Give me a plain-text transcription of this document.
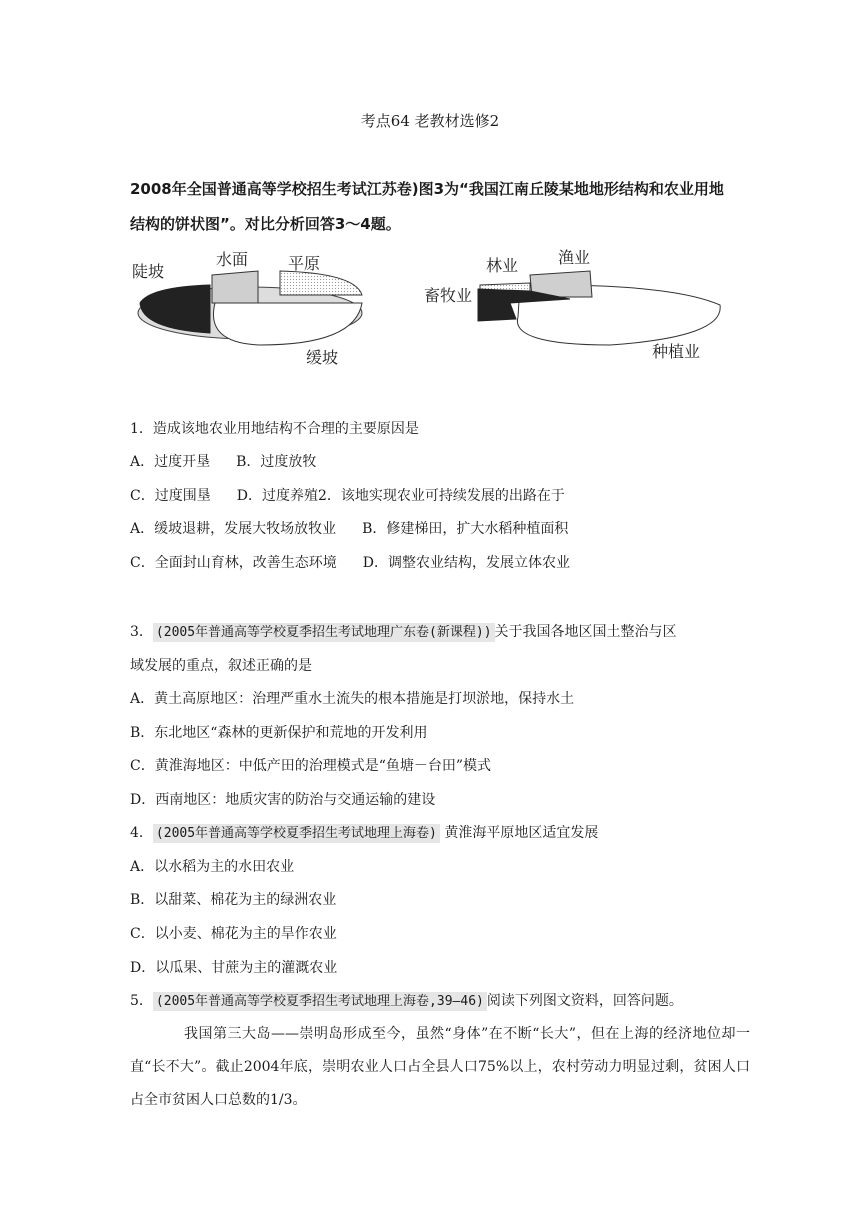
考点64 老教材选修2
2008年全国普通高等学校招生考试江苏卷)图3为“我国江南丘陵某地地形结构和农业用地
结构的饼状图”。对比分析回答3～4题。
陡坡
水面 平原
缓坡
林业 渔业
畜牧业
种植业
1．造成该地农业用地结构不合理的主要原因是
A．过度开垦 B．过度放牧
C．过度围垦 D．过度养殖2．该地实现农业可持续发展的出路在于
A．缓坡退耕，发展大牧场放牧业 B．修建梯田，扩大水稻种植面积
C．全面封山育林，改善生态环境 D．调整农业结构，发展立体农业
3． (2005年普通高等学校夏季招生考试地理广东卷(新课程)) 关于我国各地区国土整治与区
域发展的重点，叙述正确的是
A．黄土高原地区：治理严重水土流失的根本措施是打坝淤地，保持水土
B．东北地区“森林的更新保护和荒地的开发利用
C．黄淮海地区：中低产田的治理模式是“鱼塘－台田”模式
D．西南地区：地质灾害的防治与交通运输的建设
4． (2005年普通高等学校夏季招生考试地理上海卷) 黄淮海平原地区适宜发展
A．以水稻为主的水田农业
B．以甜菜、棉花为主的绿洲农业
C．以小麦、棉花为主的旱作农业
D．以瓜果、甘蔗为主的灌溉农业
5． (2005年普通高等学校夏季招生考试地理上海卷,39—46) 阅读下列图文资料，回答问题。
我国第三大岛——崇明岛形成至今，虽然“身体”在不断“长大”，但在上海的经济地位却一直“长不大”。截止2004年底，崇明农业人口占全县人口75%以上，农村劳动力明显过剩，贫困人口占全市贫困人口总数的1/3。
